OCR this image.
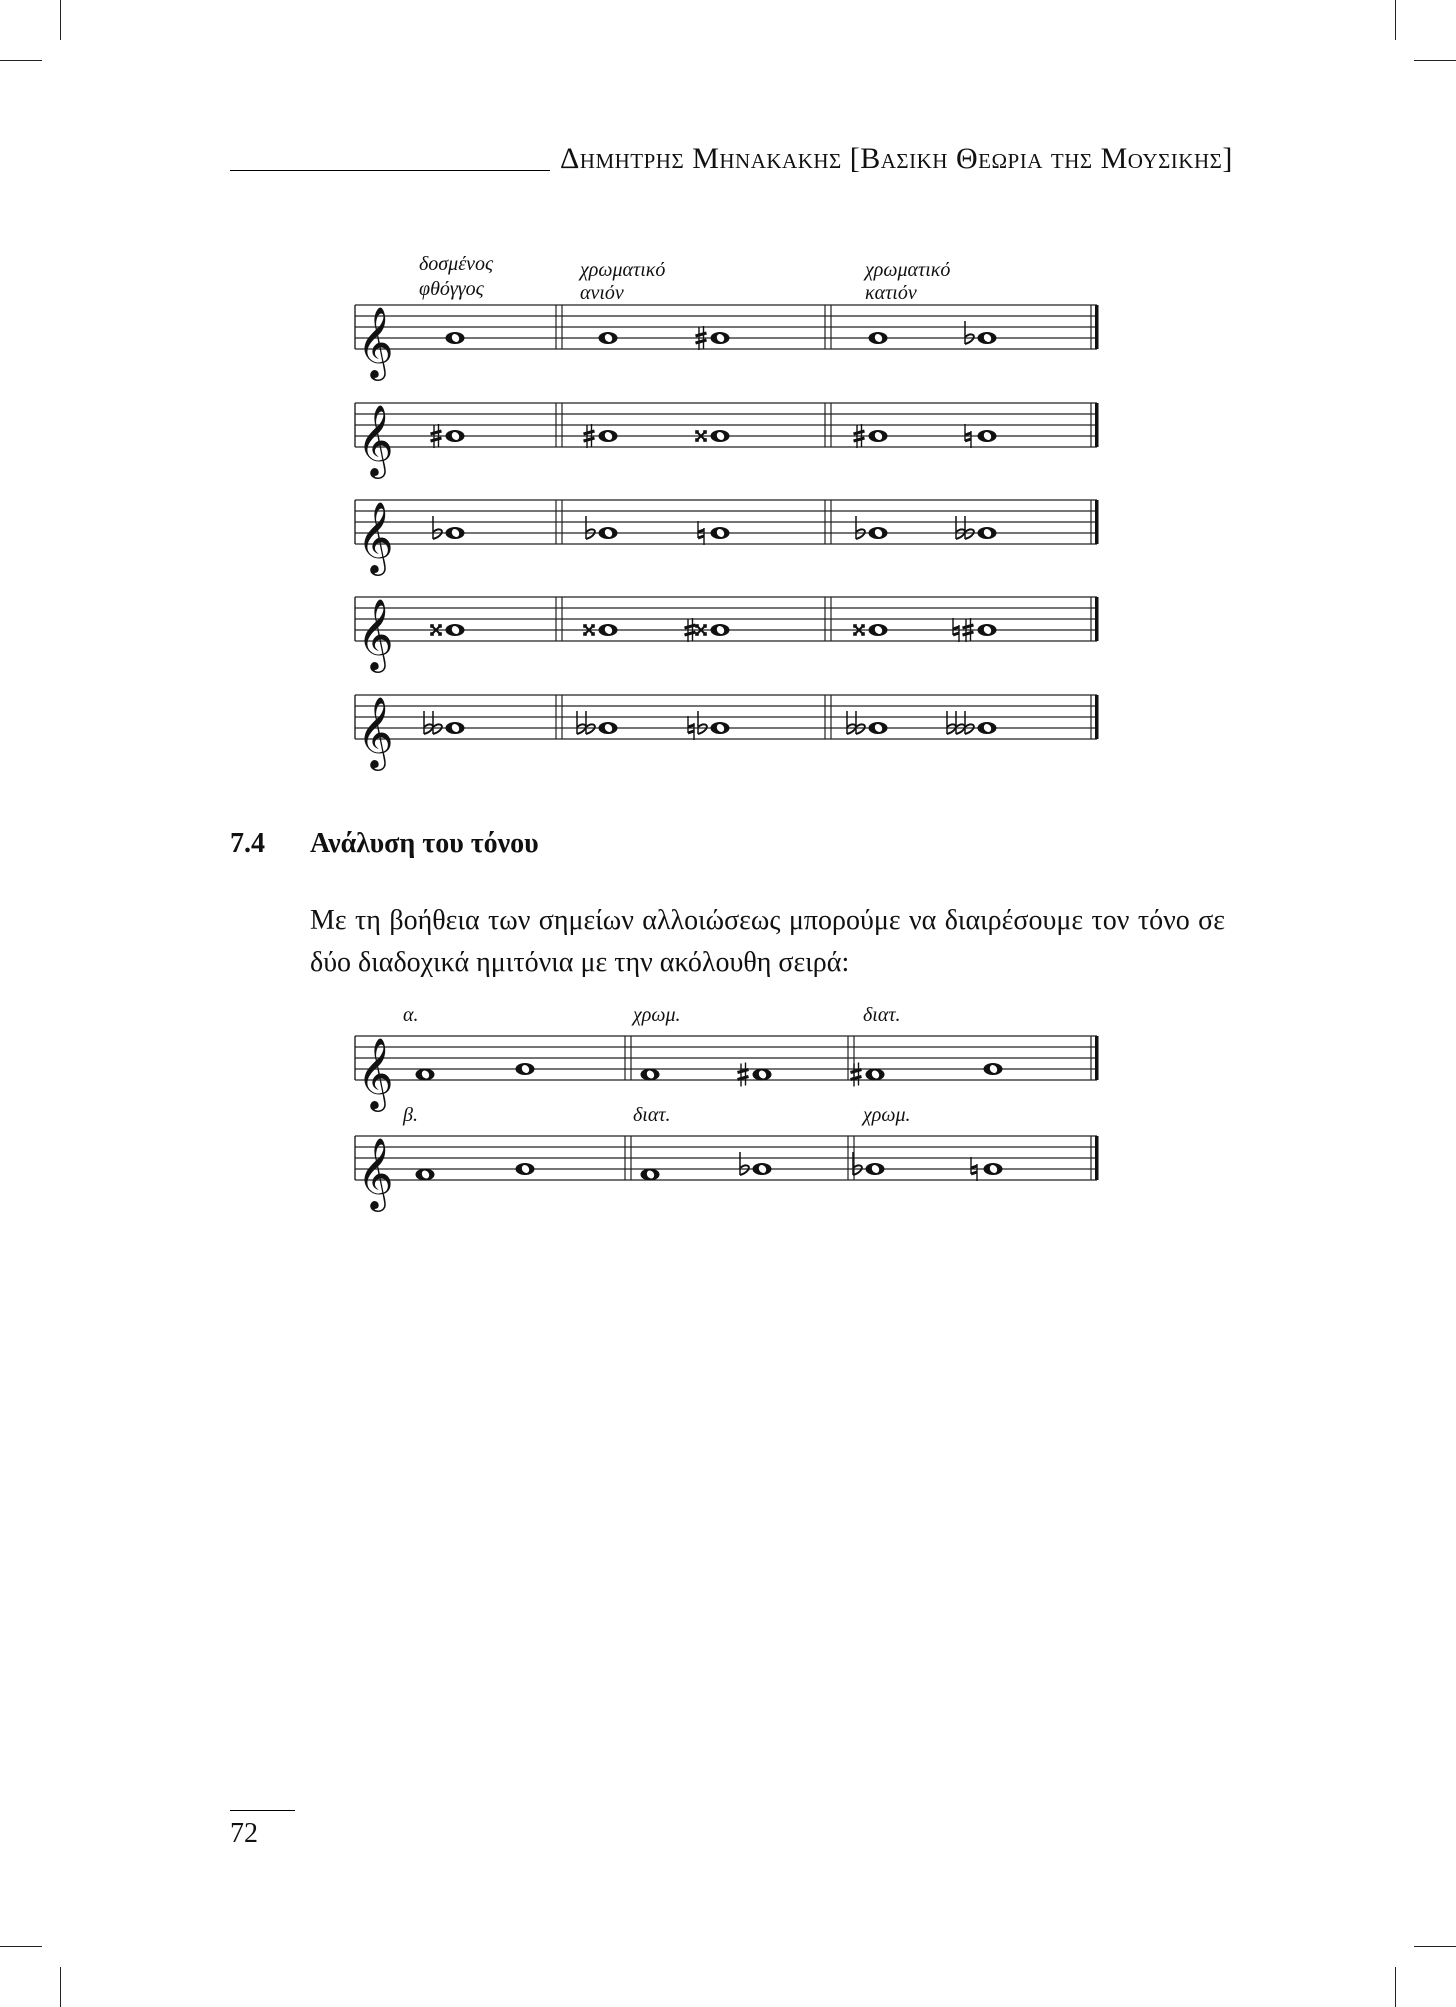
Δημητρης Μηνακακης [Βασικη Θεωρια της Μουσικης]
δοσμένος
φθόγγος
χρωματικό
ανιόν
χρωματικό
κατιόν
𝄞
𝄞
𝄞
𝄞
𝄞
7.4 Ανάλυση του τόνου

Με τη βοήθεια των σημείων αλλοιώσεως μπορούμε να διαιρέσουμε τον τόνο σε δύο διαδοχικά ημιτόνια με την ακόλουθη σειρά:

α.	χρωμ.	διατ.
𝄞
β.	διατ.	χρωμ.
𝄞
72
